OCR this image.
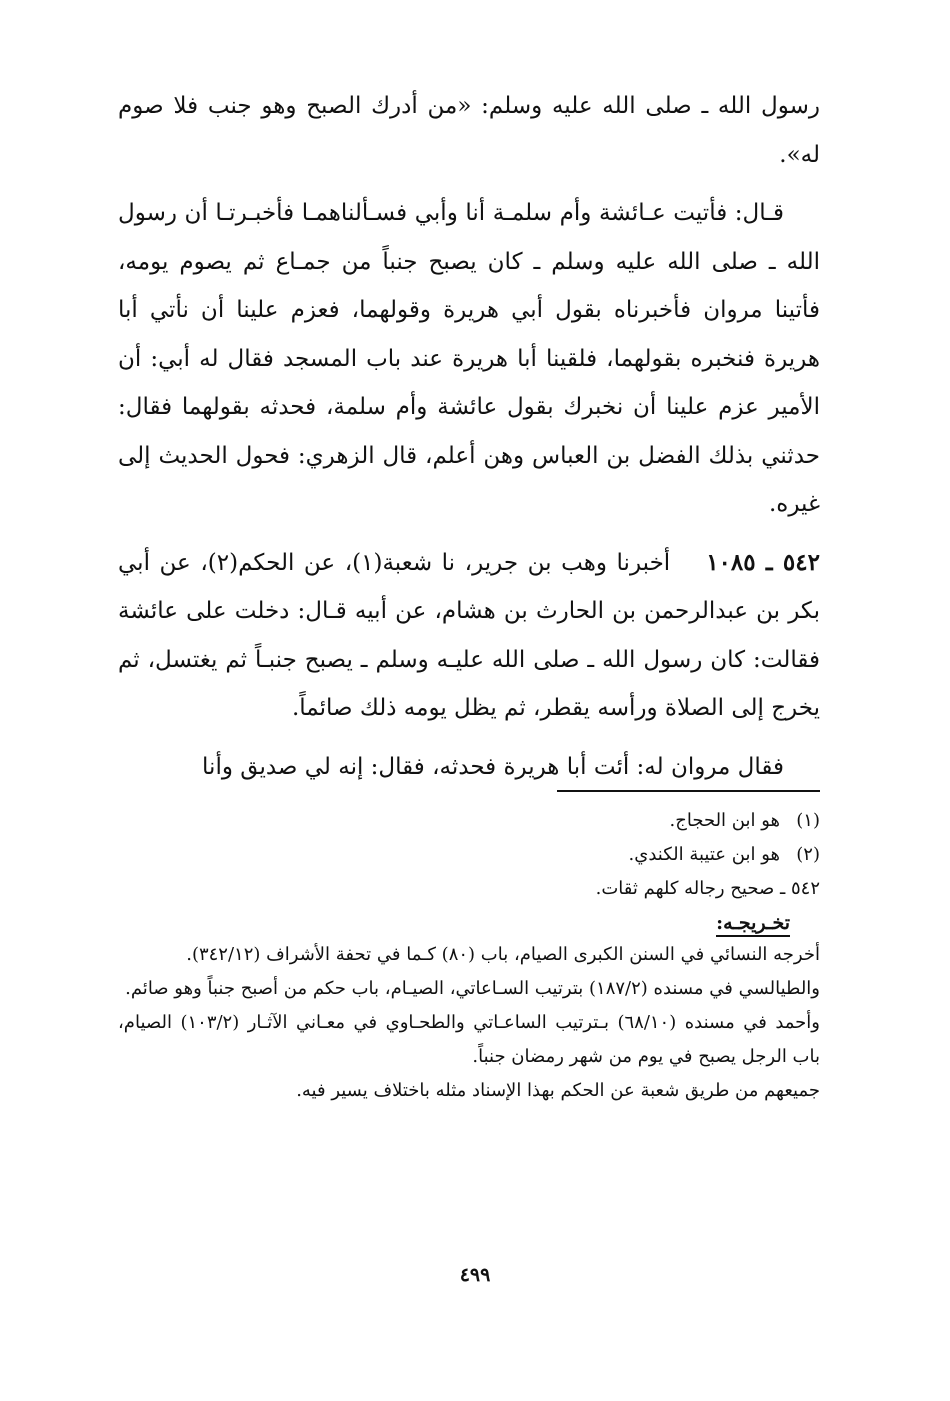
رسول الله ـ صلى الله عليه وسلم: «من أدرك الصبح وهو جنب فلا صوم له».

قـال: فأتيت عـائشة وأم سلمـة أنا وأبي فسـألناهمـا فأخبـرتـا أن رسول الله ـ صلى الله عليه وسلم ـ كان يصبح جنباً من جمـاع ثم يصوم يومه، فأتينا مروان فأخبرناه بقول أبي هريرة وقولهما، فعزم علينا أن نأتي أبا هريرة فنخبره بقولهما، فلقينا أبا هريرة عند باب المسجد فقال له أبي: أن الأمير عزم علينا أن نخبرك بقول عائشة وأم سلمة، فحدثه بقولهما فقال: حدثني بذلك الفضل بن العباس وهن أعلم، قال الزهري: فحول الحديث إلى غيره.

٥٤٢ ـ ١٠٨٥أخبرنا وهب بن جرير، نا شعبة(١)، عن الحكم(٢)، عن أبي بكر بن عبدالرحمن بن الحارث بن هشام، عن أبيه قـال: دخلت على عائشة فقالت: كان رسول الله ـ صلى الله عليـه وسلم ـ يصبح جنبـاً ثم يغتسل، ثم يخرج إلى الصلاة ورأسه يقطر، ثم يظل يومه ذلك صائماً.

فقال مروان له: أئت أبا هريرة فحدثه، فقال: إنه لي صديق وأنا

(١)هو ابن الحجاج.

(٢)هو ابن عتيبة الكندي.

٥٤٢ ـ صحيح رجاله كلهم ثقات.

تخـريجـه:

أخرجه النسائي في السنن الكبرى الصيام، باب (٨٠) كـما في تحفة الأشراف (٣٤٢/١٢).

والطيالسي في مسنده (١٨٧/٢) بترتيب السـاعاتي، الصيـام، باب حكم من أصبح جنباً وهو صائم.

وأحمد في مسنده (٦٨/١٠) بـترتيب الساعـاتي والطحـاوي في معـاني الآثـار (١٠٣/٢) الصيام، باب الرجل يصبح في يوم من شهر رمضان جنباً.

جميعهم من طريق شعبة عن الحكم بهذا الإسناد مثله باختلاف يسير فيه.

٤٩٩
